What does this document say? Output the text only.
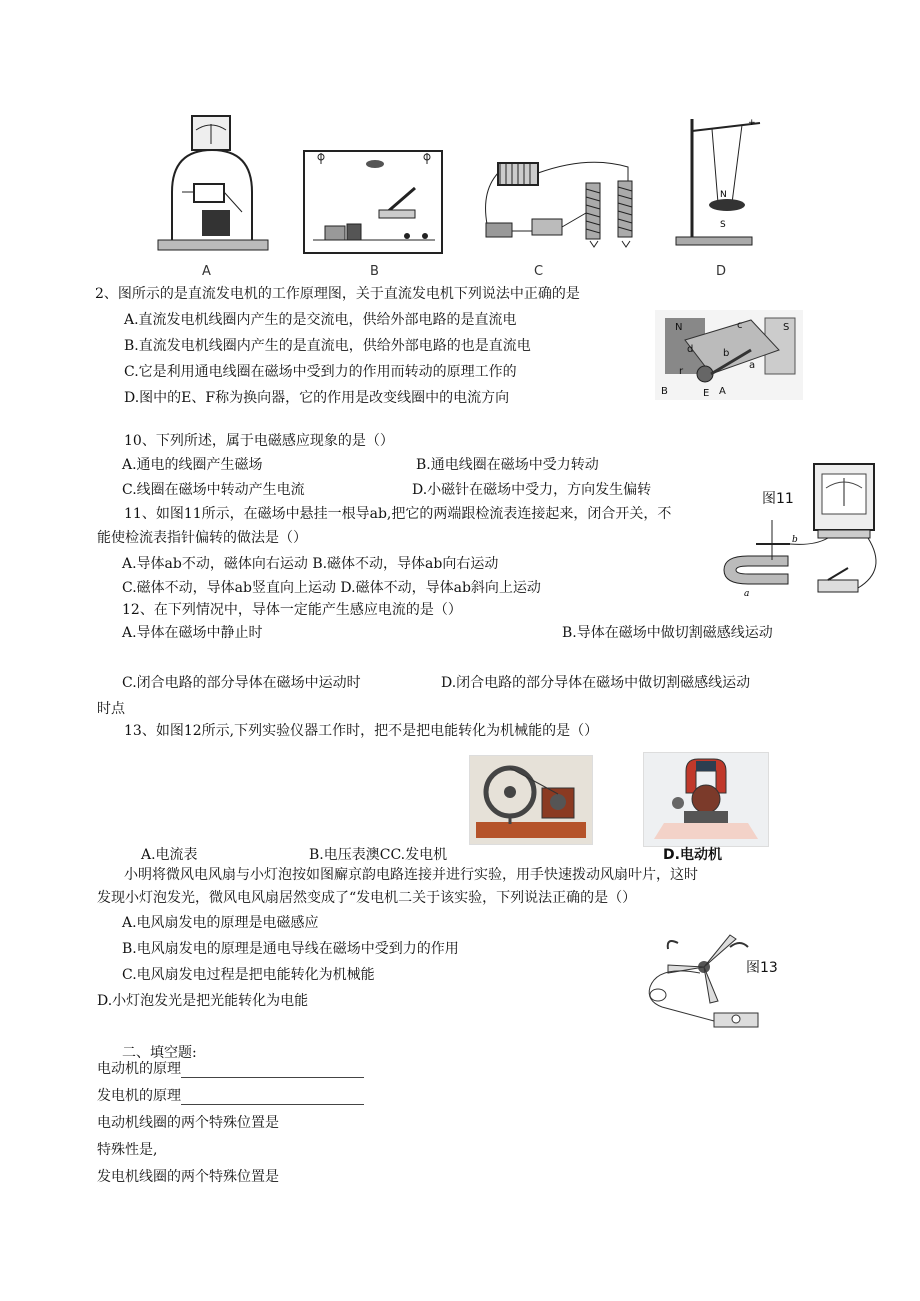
A	B	C
N
S
+
D
2、图所示的是直流发电机的工作原理图，关于直流发电机下列说法中正确的是
A.直流发电机线圈内产生的是交流电，供给外部电路的是直流电
B.直流发电机线圈内产生的是直流电，供给外部电路的也是直流电
C.它是利用通电线圈在磁场中受到力的作用而转动的原理工作的
D.图中的E、F称为换向器，它的作用是改变线圈中的电流方向
N	S
d
c
a
b
r
B	E A
10、下列所述，属于电磁感应现象的是（）
A.通电的线圈产生磁场	B.通电线圈在磁场中受力转动
C.线圈在磁场中转动产生电流	D.小磁针在磁场中受力，方向发生偏转
b
a
图11
11、如图11所示，在磁场中悬挂一根导ab,把它的两端跟检流表连接起来，闭合开关，不
能使检流表指针偏转的做法是（）
A.导体ab不动，磁体向右运动 B.磁体不动，导体ab向右运动
C.磁体不动，导体ab竖直向上运动 D.磁体不动，导体ab斜向上运动
12、在下列情况中，导体一定能产生感应电流的是（）
A.导体在磁场中静止时	B.导体在磁场中做切割磁感线运动
C.闭合电路的部分导体在磁场中运动时	D.闭合电路的部分导体在磁场中做切割磁感线运动
时点
13、如图12所示,下列实验仪器工作时，把不是把电能转化为机械能的是（）
A.电流表	B.电压表澳CC.发电机	D.电动机
小明将微风电风扇与小灯泡按如图廨京韵电路连接并进行实验，用手快速拨动风扇叶片，这时
发现小灯泡发光，微风电风扇居然变成了“发电机二关于该实验，下列说法正确的是（）
A.电风扇发电的原理是电磁感应
B.电风扇发电的原理是通电导线在磁场中受到力的作用
C.电风扇发电过程是把电能转化为机械能
D.小灯泡发光是把光能转化为电能
图13
二、填空题:
电动机的原理
发电机的原理
电动机线圈的两个特殊位置是
特殊性是,
发电机线圈的两个特殊位置是
